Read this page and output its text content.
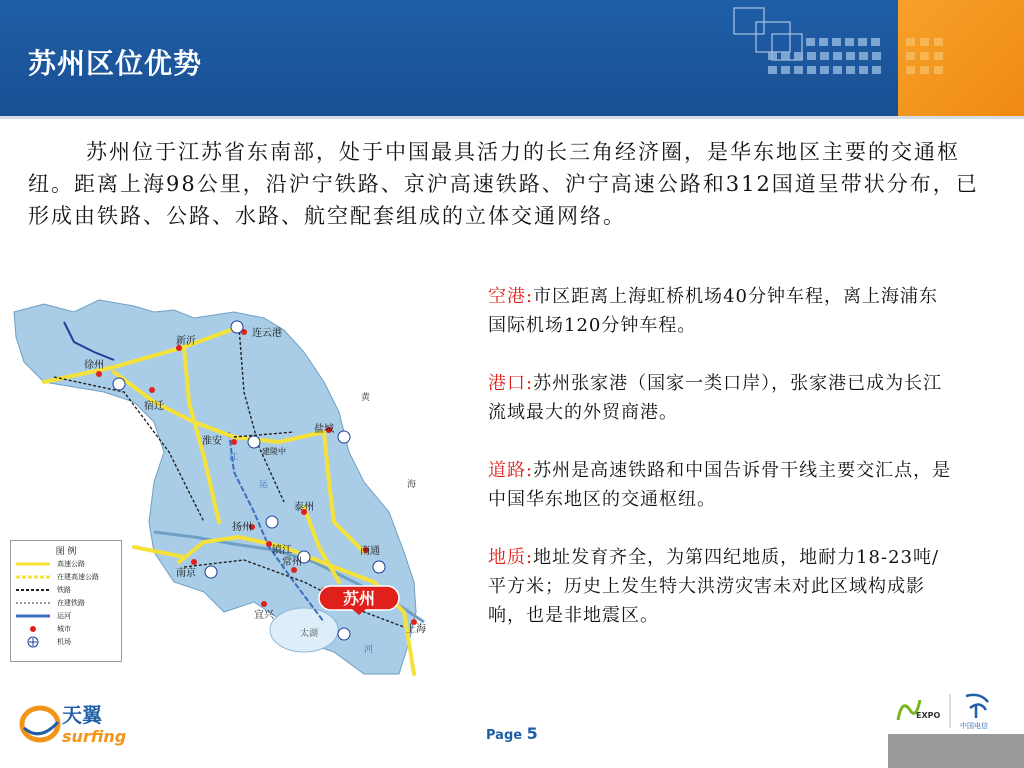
苏州区位优势
苏州位于江苏省东南部，处于中国最具活力的长三角经济圈，是华东地区主要的交通枢纽。距离上海98公里，沿沪宁铁路、京沪高速铁路、沪宁高速公路和312国道呈带状分布，已形成由铁路、公路、水路、航空配套组成的立体交通网络。
黄
海
徐州
新沂
连云港
宿迁
淮安
盐城
泰州
扬州
镇江
南京
常州
宜兴
南通
上海
太湖
建陵中
运
江
河
图 例
高速公路
在建高速公路
铁路
在建铁路
运河
城市
机场
苏州
空港:市区距离上海虹桥机场40分钟车程，离上海浦东国际机场120分钟车程。
港口:苏州张家港（国家一类口岸），张家港已成为长江流域最大的外贸商港。
道路:苏州是高速铁路和中国告诉骨干线主要交汇点，是中国华东地区的交通枢纽。
地质:地址发育齐全，为第四纪地质，地耐力18-23吨/平方米；历史上发生特大洪涝灾害未对此区域构成影响，也是非地震区。
天翼
surfing	Page 5
EXPO
中国电信
